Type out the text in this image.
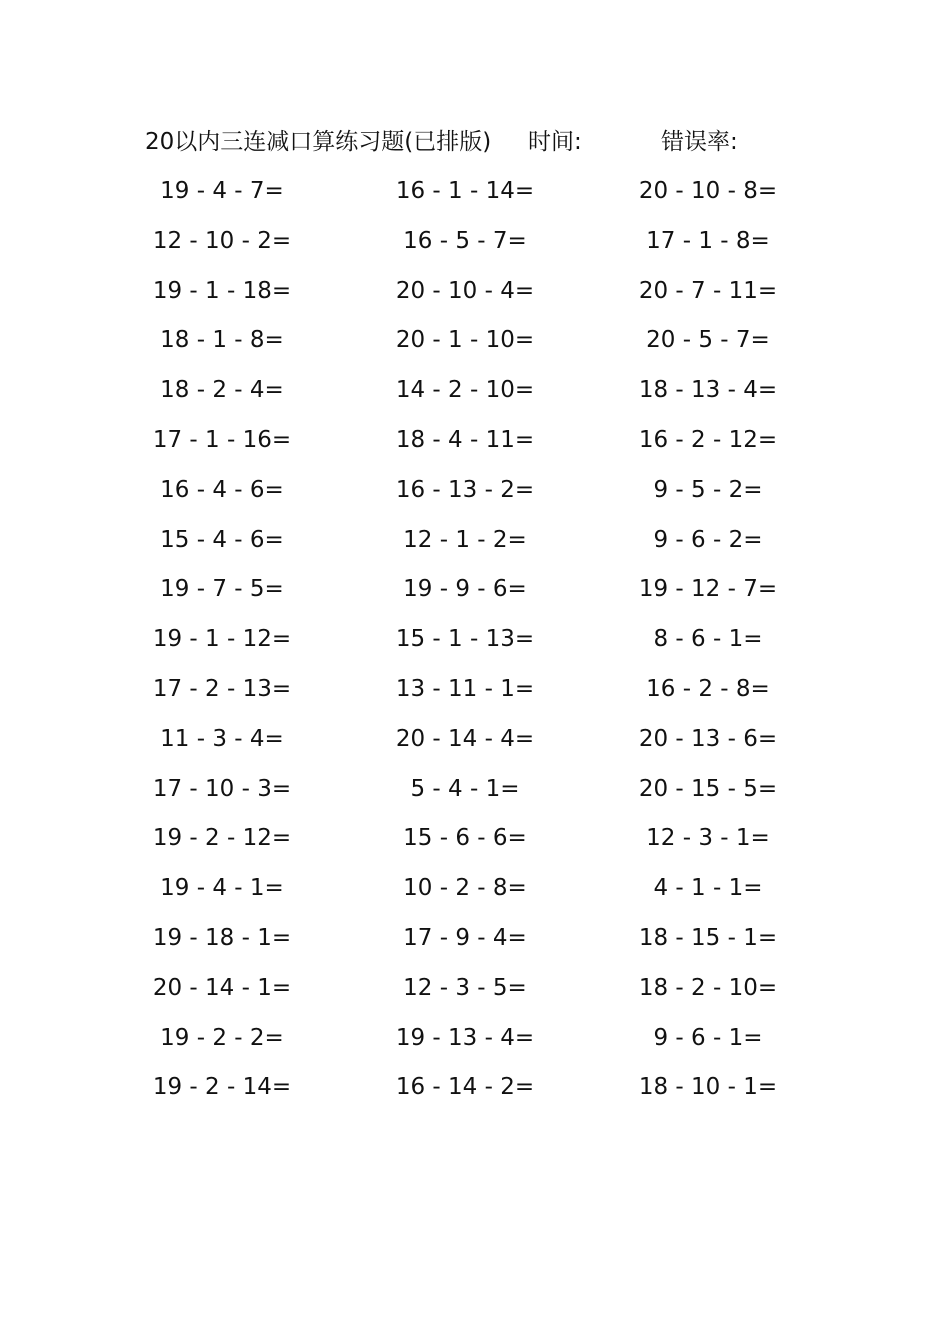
20以内三连减口算练习题(已排版) 时间:	错误率:
19 - 4 - 7=	16 - 1 - 14=	20 - 10 - 8=
12 - 10 - 2=	16 - 5 - 7=	17 - 1 - 8=
19 - 1 - 18=	20 - 10 - 4=	20 - 7 - 11=
18 - 1 - 8=	20 - 1 - 10=	20 - 5 - 7=
18 - 2 - 4=	14 - 2 - 10=	18 - 13 - 4=
17 - 1 - 16=	18 - 4 - 11=	16 - 2 - 12=
16 - 4 - 6=	16 - 13 - 2=	9 - 5 - 2=
15 - 4 - 6=	12 - 1 - 2=	9 - 6 - 2=
19 - 7 - 5=	19 - 9 - 6=	19 - 12 - 7=
19 - 1 - 12=	15 - 1 - 13=	8 - 6 - 1=
17 - 2 - 13=	13 - 11 - 1=	16 - 2 - 8=
11 - 3 - 4=	20 - 14 - 4=	20 - 13 - 6=
17 - 10 - 3=	5 - 4 - 1=	20 - 15 - 5=
19 - 2 - 12=	15 - 6 - 6=	12 - 3 - 1=
19 - 4 - 1=	10 - 2 - 8=	4 - 1 - 1=
19 - 18 - 1=	17 - 9 - 4=	18 - 15 - 1=
20 - 14 - 1=	12 - 3 - 5=	18 - 2 - 10=
19 - 2 - 2=	19 - 13 - 4=	9 - 6 - 1=
19 - 2 - 14=	16 - 14 - 2=	18 - 10 - 1=
